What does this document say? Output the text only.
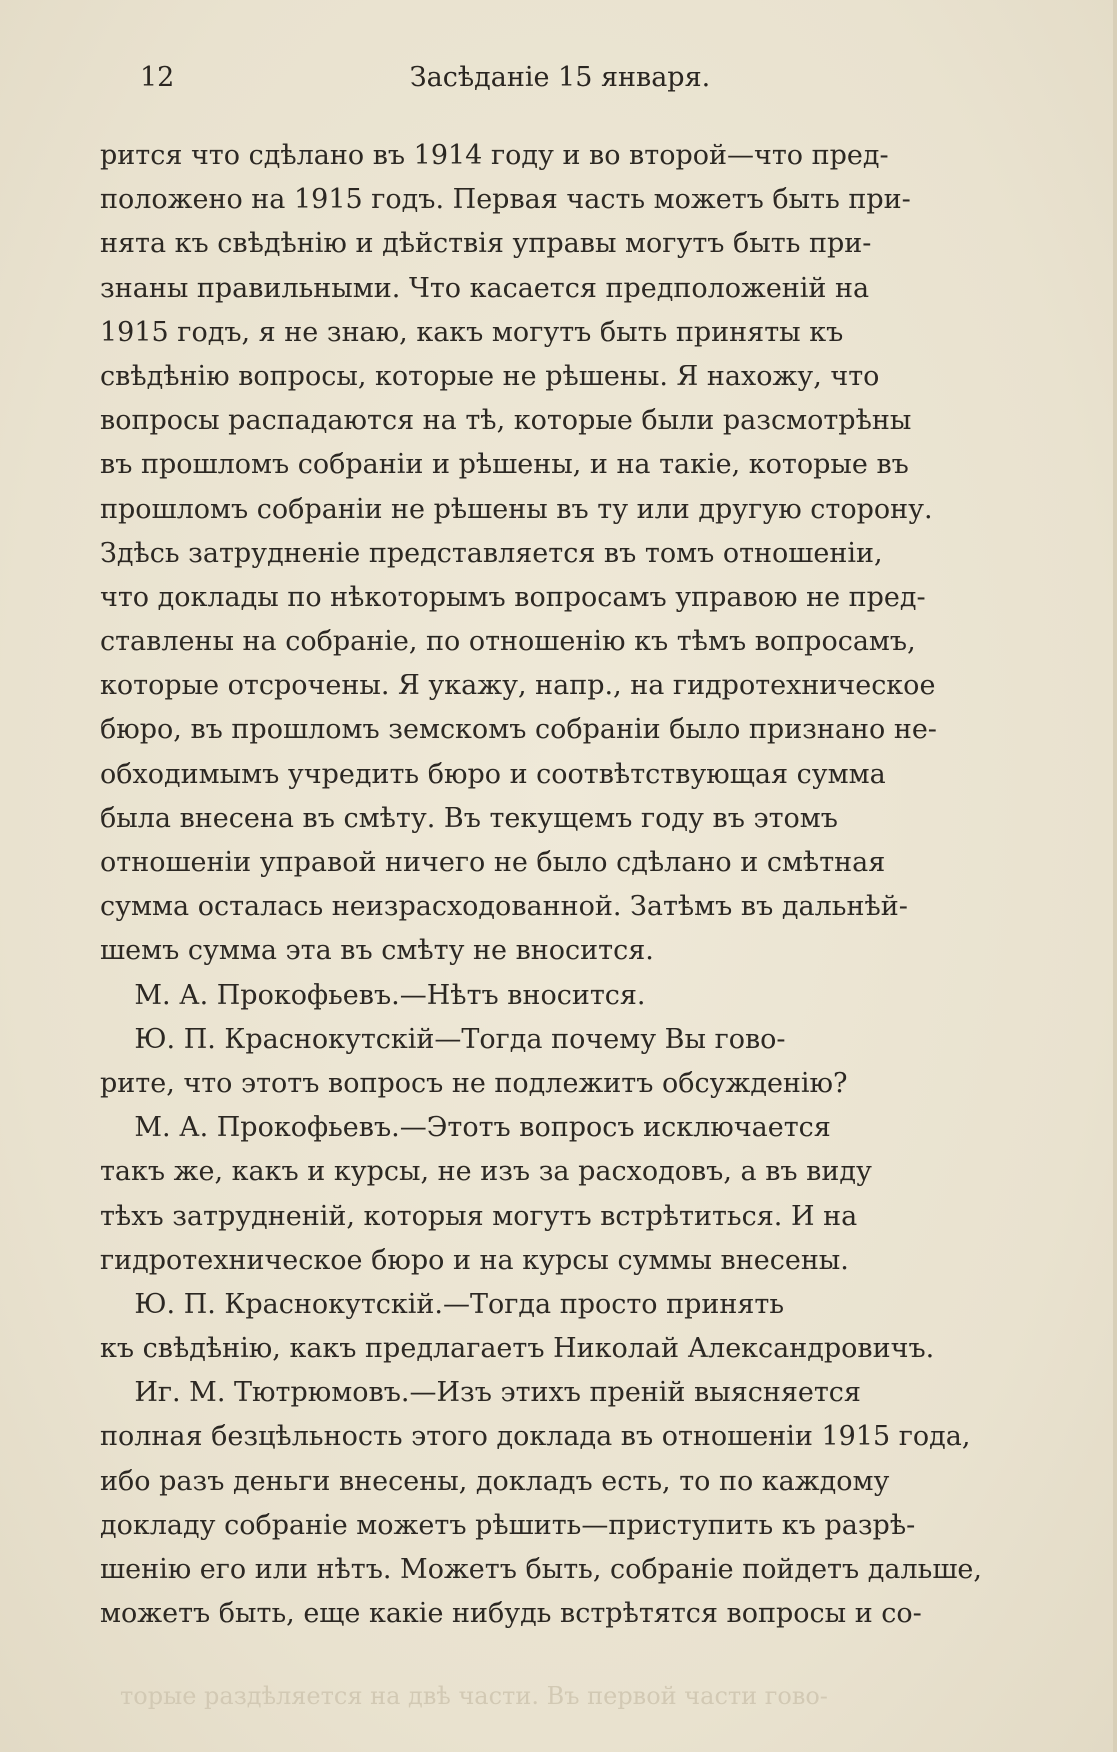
12	Засѣданіе 15 января.
рится что сдѣлано въ 1914 году и во второй—что пред-
положено на 1915 годъ. Первая часть можетъ быть при-
нята къ свѣдѣнію и дѣйствія управы могутъ быть при-
знаны правильными. Что касается предположеній на
1915 годъ, я не знаю, какъ могутъ быть приняты къ
свѣдѣнію вопросы, которые не рѣшены. Я нахожу, что
вопросы распадаются на тѣ, которые были разсмотрѣны
въ прошломъ собраніи и рѣшены, и на такіе, которые въ
прошломъ собраніи не рѣшены въ ту или другую сторону.
Здѣсь затрудненіе представляется въ томъ отношеніи,
что доклады по нѣкоторымъ вопросамъ управою не пред-
ставлены на собраніе, по отношенію къ тѣмъ вопросамъ,
которые отсрочены. Я укажу, напр., на гидротехническое
бюро, въ прошломъ земскомъ собраніи было признано не-
обходимымъ учредить бюро и соотвѣтствующая сумма
была внесена въ смѣту. Въ текущемъ году въ этомъ
отношеніи управой ничего не было сдѣлано и смѣтная
сумма осталась неизрасходованной. Затѣмъ въ дальнѣй-
шемъ сумма эта въ смѣту не вносится.
М. А. Прокофьевъ.—Нѣтъ вносится.
Ю. П. Краснокутскій—Тогда почему Вы гово-
рите, что этотъ вопросъ не подлежитъ обсужденію?
М. А. Прокофьевъ.—Этотъ вопросъ исключается
такъ же, какъ и курсы, не изъ за расходовъ, а въ виду
тѣхъ затрудненій, которыя могутъ встрѣтиться. И на
гидротехническое бюро и на курсы суммы внесены.
Ю. П. Краснокутскій.—Тогда просто принять
къ свѣдѣнію, какъ предлагаетъ Николай Александровичъ.
Иг. М. Тютрюмовъ.—Изъ этихъ преній выясняется
полная безцѣльность этого доклада въ отношеніи 1915 года,
ибо разъ деньги внесены, докладъ есть, то по каждому
докладу собраніе можетъ рѣшить—приступить къ разрѣ-
шенію его или нѣтъ. Можетъ быть, собраніе пойдетъ дальше,
можетъ быть, еще какіе нибудь встрѣтятся вопросы и со-
торые раздѣляется на двѣ части. Въ первой части гово-
